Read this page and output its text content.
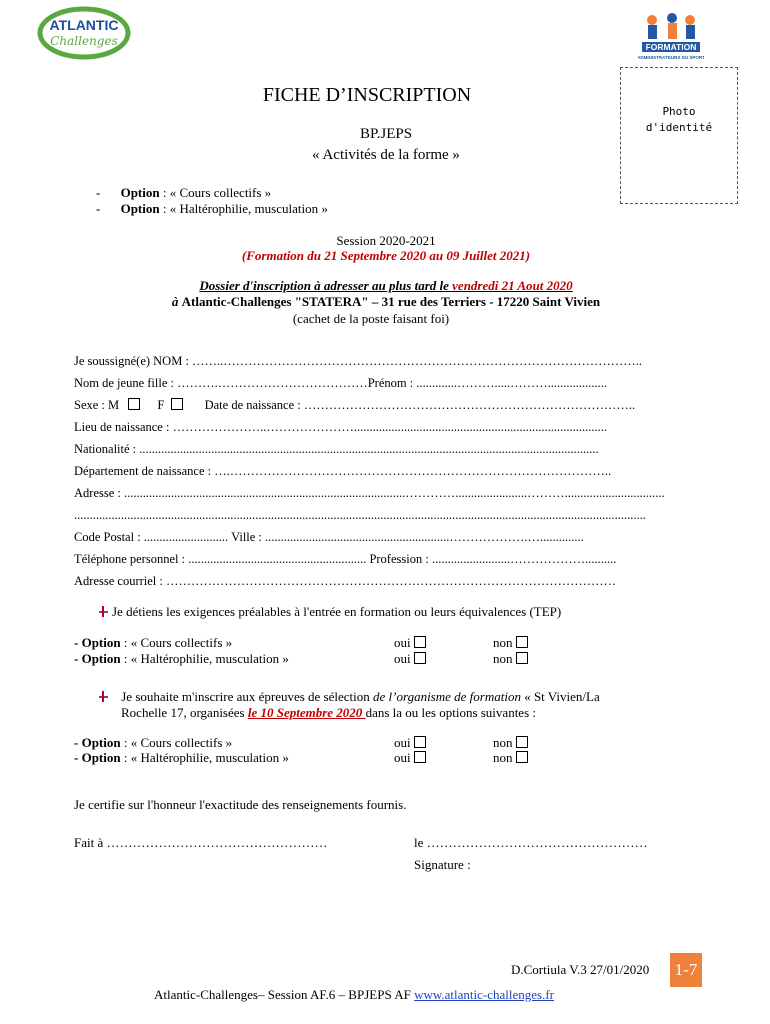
ATLANTIC
Challenges	FORMATION
ADMINISTRATEURS DU SPORT
Photo
d'identité
FICHE D’INSCRIPTION
BP.JEPS
« Activités de la forme »
- Option : « Cours collectifs »
- Option : « Haltérophilie, musculation »
Session 2020-2021
(Formation du 21 Septembre 2020 au 09 Juillet 2021)
Dossier d'inscription à adresser au plus tard le vendredi 21 Aout 2020
à Atlantic-Challenges "STATERA" – 31 rue des Terriers - 17220 Saint Vivien
(cachet de la poste faisant foi)
Je soussigné(e) NOM : ……..………………………………………………………………………………………..
Nom de jeune fille : ……….………………………………Prénom : .............……….....………...................
Sexe : M	F	Date de naissance : ……………………………………………………………………..
Lieu de naissance : …………………..………………….................................................................................
Nationalité : ...................................................................................................................................................
Département de naissance : ….………………………………………………………………………………..
Adresse : ..........................................................................................………….......................………................................
.......................................................................................................................................................................................
Code Postal : ........................... Ville : ...........................................................……………….…..............
Téléphone personnel : ......................................................... Profession : .........................………………..........
Adresse courriel : ………………………………………………………………………………………………
Je détiens les exigences préalables à l'entrée en formation ou leurs équivalences (TEP)
- Option : « Cours collectifs »	oui	non
- Option : « Haltérophilie, musculation »	oui	non
Je souhaite m'inscrire aux épreuves de sélection de l’organisme de formation « St Vivien/La
Rochelle 17, organisées le 10 Septembre 2020 dans la ou les options suivantes :
- Option : « Cours collectifs »	oui	non
- Option : « Haltérophilie, musculation »	oui	non
Je certifie sur l'honneur l'exactitude des renseignements fournis.
Fait à ……………………………………………	le ……………………………………………
Signature :
D.Cortiula V.3 27/01/2020 1-7
Atlantic-Challenges– Session AF.6 – BPJEPS AF www.atlantic-challenges.fr
